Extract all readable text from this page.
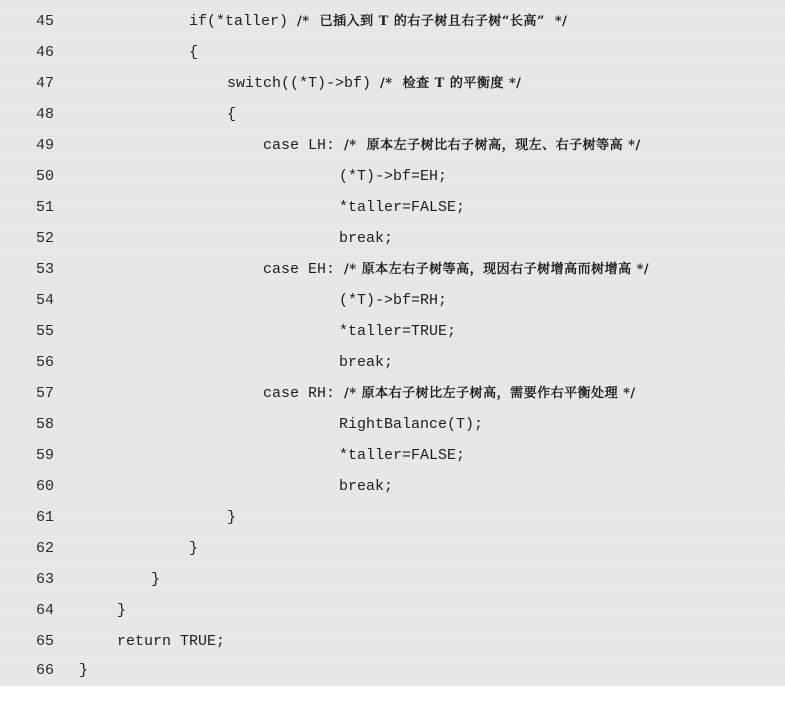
45

	if(*taller) /*  已插入到 T 的右子树且右子树“长高”  */

46

	{

47

	switch((*T)->bf) /*  检查 T 的平衡度 */

48

	{

49

	case LH: /*  原本左子树比右子树高，现左、右子树等高 */

50

	(*T)->bf=EH;

51

	*taller=FALSE;

52

	break;

53

	case EH: /* 原本左右子树等高，现因右子树增高而树增高 */

54

	(*T)->bf=RH;

55

	*taller=TRUE;

56

	break;

57

	case RH: /* 原本右子树比左子树高，需要作右平衡处理 */

58

	RightBalance(T);

59

	*taller=FALSE;

60

	break;

61

	}

62

	}

63

	}

64

	}

65

	return TRUE;

66

}
